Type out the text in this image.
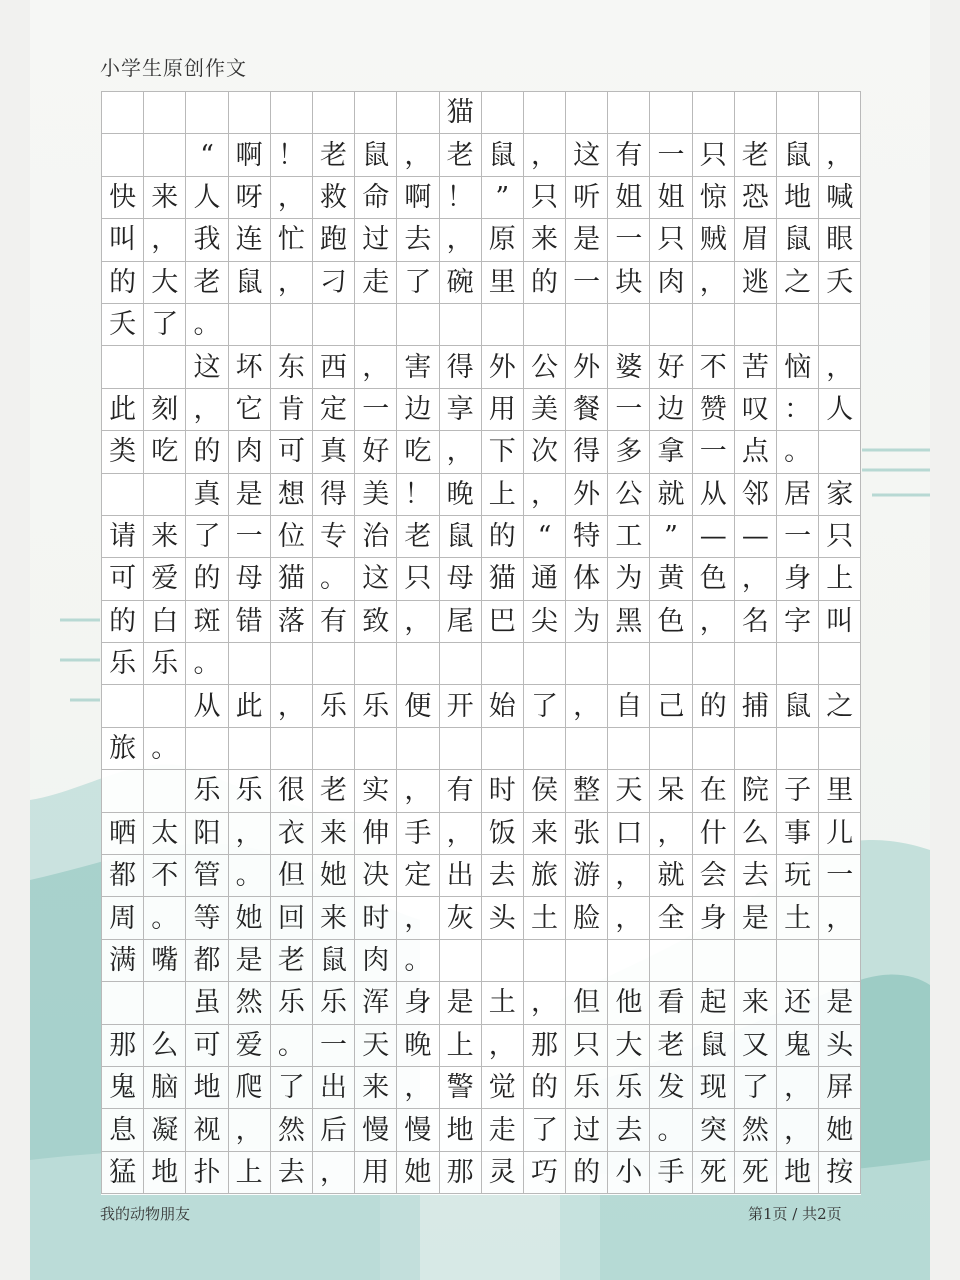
小学生原创作文
猫
“ 啊 ！ 老 鼠 ， 老 鼠 ， 这 有 一 只 老 鼠 ，
快 来 人 呀 ， 救 命 啊 ！ ” 只 听 姐 姐 惊 恐 地 喊
叫 ， 我 连 忙 跑 过 去 ， 原 来 是 一 只 贼 眉 鼠 眼
的 大 老 鼠 ， 刁 走 了 碗 里 的 一 块 肉 ， 逃 之 夭
夭 了 。
这 坏 东 西 ， 害 得 外 公 外 婆 好 不 苦 恼 ，
此 刻 ， 它 肯 定 一 边 享 用 美 餐 一 边 赞 叹 ： 人
类 吃 的 肉 可 真 好 吃 ， 下 次 得 多 拿 一 点 。
真 是 想 得 美 ！ 晚 上 ， 外 公 就 从 邻 居 家
请 来 了 一 位 专 治 老 鼠 的 “ 特 工 ” — — 一 只
可 爱 的 母 猫 。 这 只 母 猫 通 体 为 黄 色 ， 身 上
的 白 斑 错 落 有 致 ， 尾 巴 尖 为 黑 色 ， 名 字 叫
乐 乐 。
从 此 ， 乐 乐 便 开 始 了 ， 自 己 的 捕 鼠 之
旅 。
乐 乐 很 老 实 ， 有 时 侯 整 天 呆 在 院 子 里
晒 太 阳 ， 衣 来 伸 手 ， 饭 来 张 口 ， 什 么 事 儿
都 不 管 。 但 她 决 定 出 去 旅 游 ， 就 会 去 玩 一
周 。 等 她 回 来 时 ， 灰 头 土 脸 ， 全 身 是 土 ，
满 嘴 都 是 老 鼠 肉 。
虽 然 乐 乐 浑 身 是 土 ， 但 他 看 起 来 还 是
那 么 可 爱 。 一 天 晚 上 ， 那 只 大 老 鼠 又 鬼 头
鬼 脑 地 爬 了 出 来 ， 警 觉 的 乐 乐 发 现 了 ， 屏
息 凝 视 ， 然 后 慢 慢 地 走 了 过 去 。 突 然 ， 她
猛 地 扑 上 去 ， 用 她 那 灵 巧 的 小 手 死 死 地 按
我的动物朋友	第1页 / 共2页
